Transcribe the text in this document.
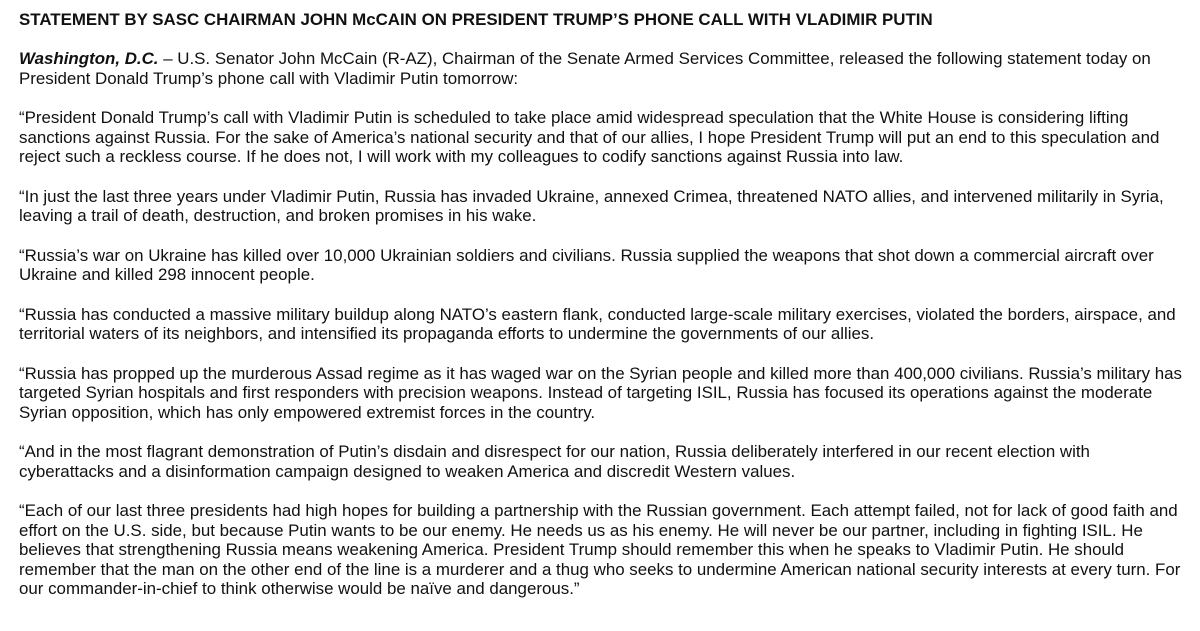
STATEMENT BY SASC CHAIRMAN JOHN McCAIN ON PRESIDENT TRUMP’S PHONE CALL WITH VLADIMIR PUTIN

Washington, D.C. – U.S. Senator John McCain (R-AZ), Chairman of the Senate Armed Services Committee, released the following statement today on President Donald Trump’s phone call with Vladimir Putin tomorrow:

“President Donald Trump’s call with Vladimir Putin is scheduled to take place amid widespread speculation that the White House is considering lifting sanctions against Russia. For the sake of America’s national security and that of our allies, I hope President Trump will put an end to this speculation and reject such a reckless course. If he does not, I will work with my colleagues to codify sanctions against Russia into law.

“In just the last three years under Vladimir Putin, Russia has invaded Ukraine, annexed Crimea, threatened NATO allies, and intervened militarily in Syria, leaving a trail of death, destruction, and broken promises in his wake.

“Russia’s war on Ukraine has killed over 10,000 Ukrainian soldiers and civilians. Russia supplied the weapons that shot down a commercial aircraft over Ukraine and killed 298 innocent people.

“Russia has conducted a massive military buildup along NATO’s eastern flank, conducted large-scale military exercises, violated the borders, airspace, and territorial waters of its neighbors, and intensified its propaganda efforts to undermine the governments of our allies.

“Russia has propped up the murderous Assad regime as it has waged war on the Syrian people and killed more than 400,000 civilians. Russia’s military has targeted Syrian hospitals and first responders with precision weapons. Instead of targeting ISIL, Russia has focused its operations against the moderate Syrian opposition, which has only empowered extremist forces in the country.

“And in the most flagrant demonstration of Putin’s disdain and disrespect for our nation, Russia deliberately interfered in our recent election with cyberattacks and a disinformation campaign designed to weaken America and discredit Western values.

“Each of our last three presidents had high hopes for building a partnership with the Russian government. Each attempt failed, not for lack of good faith and effort on the U.S. side, but because Putin wants to be our enemy. He needs us as his enemy. He will never be our partner, including in fighting ISIL. He believes that strengthening Russia means weakening America. President Trump should remember this when he speaks to Vladimir Putin. He should remember that the man on the other end of the line is a murderer and a thug who seeks to undermine American national security interests at every turn. For our commander-in-chief to think otherwise would be naïve and dangerous.”
